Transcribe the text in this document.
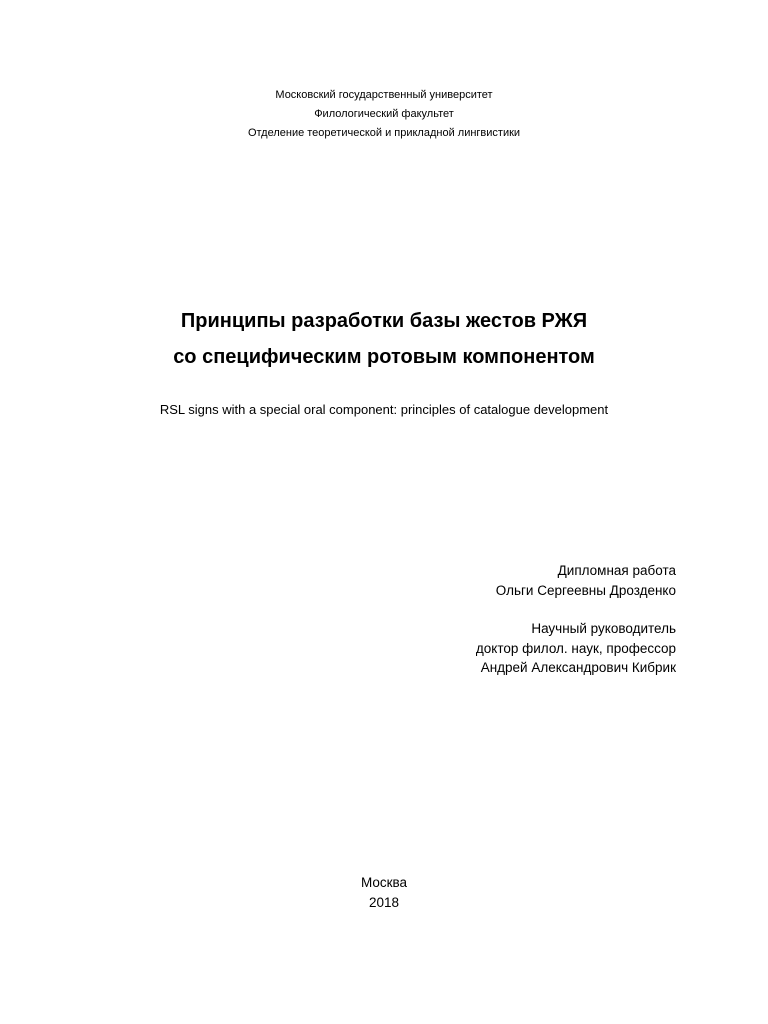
Московский государственный университет
Филологический факультет
Отделение теоретической и прикладной лингвистики
Принципы разработки базы жестов РЖЯ
со специфическим ротовым компонентом
RSL signs with a special oral component: principles of catalogue development
Дипломная работа
Ольги Сергеевны Дрозденко
Научный руководитель
доктор филол. наук, профессор
Андрей Александрович Кибрик
Москва
2018
